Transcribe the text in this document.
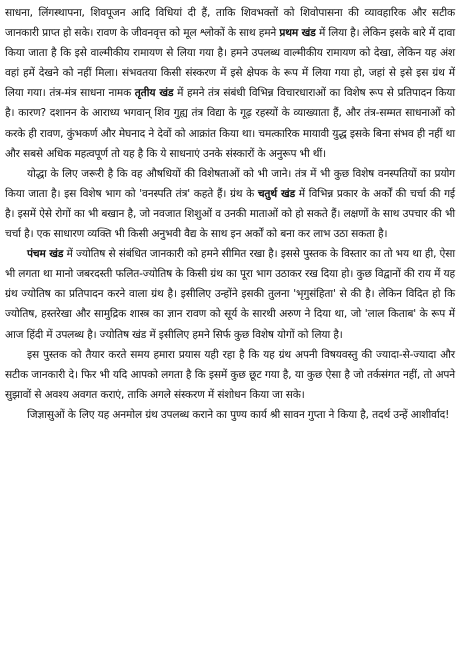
साधना, लिंगस्थापना, शिवपूजन आदि विधियां दी हैं, ताकि शिवभक्तों को शिवोपासना की व्यावहारिक और सटीक जानकारी प्राप्त हो सके। रावण के जीवनवृत्त को मूल श्लोकों के साथ हमने प्रथम खंड में लिया है। लेकिन इसके बारे में दावा किया जाता है कि इसे वाल्मीकीय रामायण से लिया गया है। हमने उपलब्ध वाल्मीकीय रामायण को देखा, लेकिन यह अंश वहां हमें देखने को नहीं मिला। संभवतया किसी संस्करण में इसे क्षेपक के रूप में लिया गया हो, जहां से इसे इस ग्रंथ में लिया गया। तंत्र-मंत्र साधना नामक तृतीय खंड में हमने तंत्र संबंधी विभिन्न विचारधाराओं का विशेष रूप से प्रतिपादन किया है। कारण? दशानन के आराध्य भगवान् शिव गुह्य तंत्र विद्या के गूढ़ रहस्यों के व्याख्याता हैं, और तंत्र-सम्मत साधनाओं को करके ही रावण, कुंभकर्ण और मेघनाद ने देवों को आक्रांत किया था। चमत्कारिक मायावी युद्ध इसके बिना संभव ही नहीं था और सबसे अधिक महत्वपूर्ण तो यह है कि ये साधनाएं उनके संस्कारों के अनुरूप भी थीं।

योद्धा के लिए जरूरी है कि वह औषधियों की विशेषताओं को भी जाने। तंत्र में भी कुछ विशेष वनस्पतियों का प्रयोग किया जाता है। इस विशेष भाग को 'वनस्पति तंत्र' कहते हैं। ग्रंथ के चतुर्थ खंड में विभिन्न प्रकार के अर्कों की चर्चा की गई है। इसमें ऐसे रोगों का भी बखान है, जो नवजात शिशुओं व उनकी माताओं को हो सकते हैं। लक्षणों के साथ उपचार की भी चर्चा है। एक साधारण व्यक्ति भी किसी अनुभवी वैद्य के साथ इन अर्कों को बना कर लाभ उठा सकता है।

पंचम खंड में ज्योतिष से संबंधित जानकारी को हमने सीमित रखा है। इससे पुस्तक के विस्तार का तो भय था ही, ऐसा भी लगता था मानो जबरदस्ती फलित-ज्योतिष के किसी ग्रंथ का पूरा भाग उठाकर रख दिया हो। कुछ विद्वानों की राय में यह ग्रंथ ज्योतिष का प्रतिपादन करने वाला ग्रंथ है। इसीलिए उन्होंने इसकी तुलना 'भृगुसंहिता' से की है। लेकिन विदित हो कि ज्योतिष, हस्तरेखा और सामुद्रिक शास्त्र का ज्ञान रावण को सूर्य के सारथी अरुण ने दिया था, जो 'लाल किताब' के रूप में आज हिंदी में उपलब्ध है। ज्योतिष खंड में इसीलिए हमने सिर्फ कुछ विशेष योगों को लिया है।

इस पुस्तक को तैयार करते समय हमारा प्रयास यही रहा है कि यह ग्रंथ अपनी विषयवस्तु की ज्यादा-से-ज्यादा और सटीक जानकारी दे। फिर भी यदि आपको लगता है कि इसमें कुछ छूट गया है, या कुछ ऐसा है जो तर्कसंगत नहीं, तो अपने सुझावों से अवश्य अवगत कराएं, ताकि अगले संस्करण में संशोधन किया जा सके।

जिज्ञासुओं के लिए यह अनमोल ग्रंथ उपलब्ध कराने का पुण्य कार्य श्री सावन गुप्ता ने किया है, तदर्थ उन्हें आशीर्वाद!
